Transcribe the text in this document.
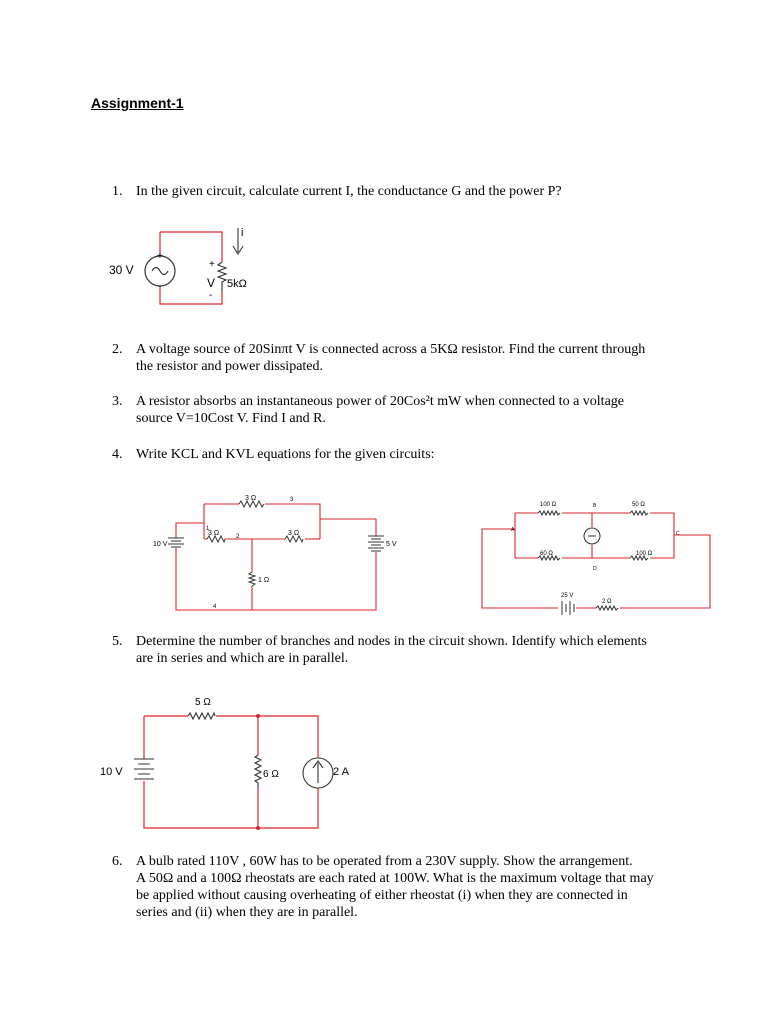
Assignment-1
1. In the given circuit, calculate current I, the conductance G and the power P?
30 V
+
-
i
+
V 5kΩ
-
2. A voltage source of 20Sinπt V is connected across a 5KΩ resistor. Find the current through
the resistor and power dissipated.
3. A resistor absorbs an instantaneous power of 20Cos²t mW when connected to a voltage
source V=10Cost V. Find I and R.
4. Write KCL and KVL equations for the given circuits:
3 Ω
3 Ω	3 Ω
1 Ω
10 V	5 V
3
2
4
1
100 Ω	50 Ω
60 Ω	100 Ω
2 Ω
25 V
A
B
C
D
5. Determine the number of branches and nodes in the circuit shown. Identify which elements
are in series and which are in parallel.
10 V
5 Ω
6 Ω	2 A
6. A bulb rated 110V , 60W has to be operated from a 230V supply. Show the arrangement.
A 50Ω and a 100Ω rheostats are each rated at 100W. What is the maximum voltage that may
be applied without causing overheating of either rheostat (i) when they are connected in
series and (ii) when they are in parallel.
